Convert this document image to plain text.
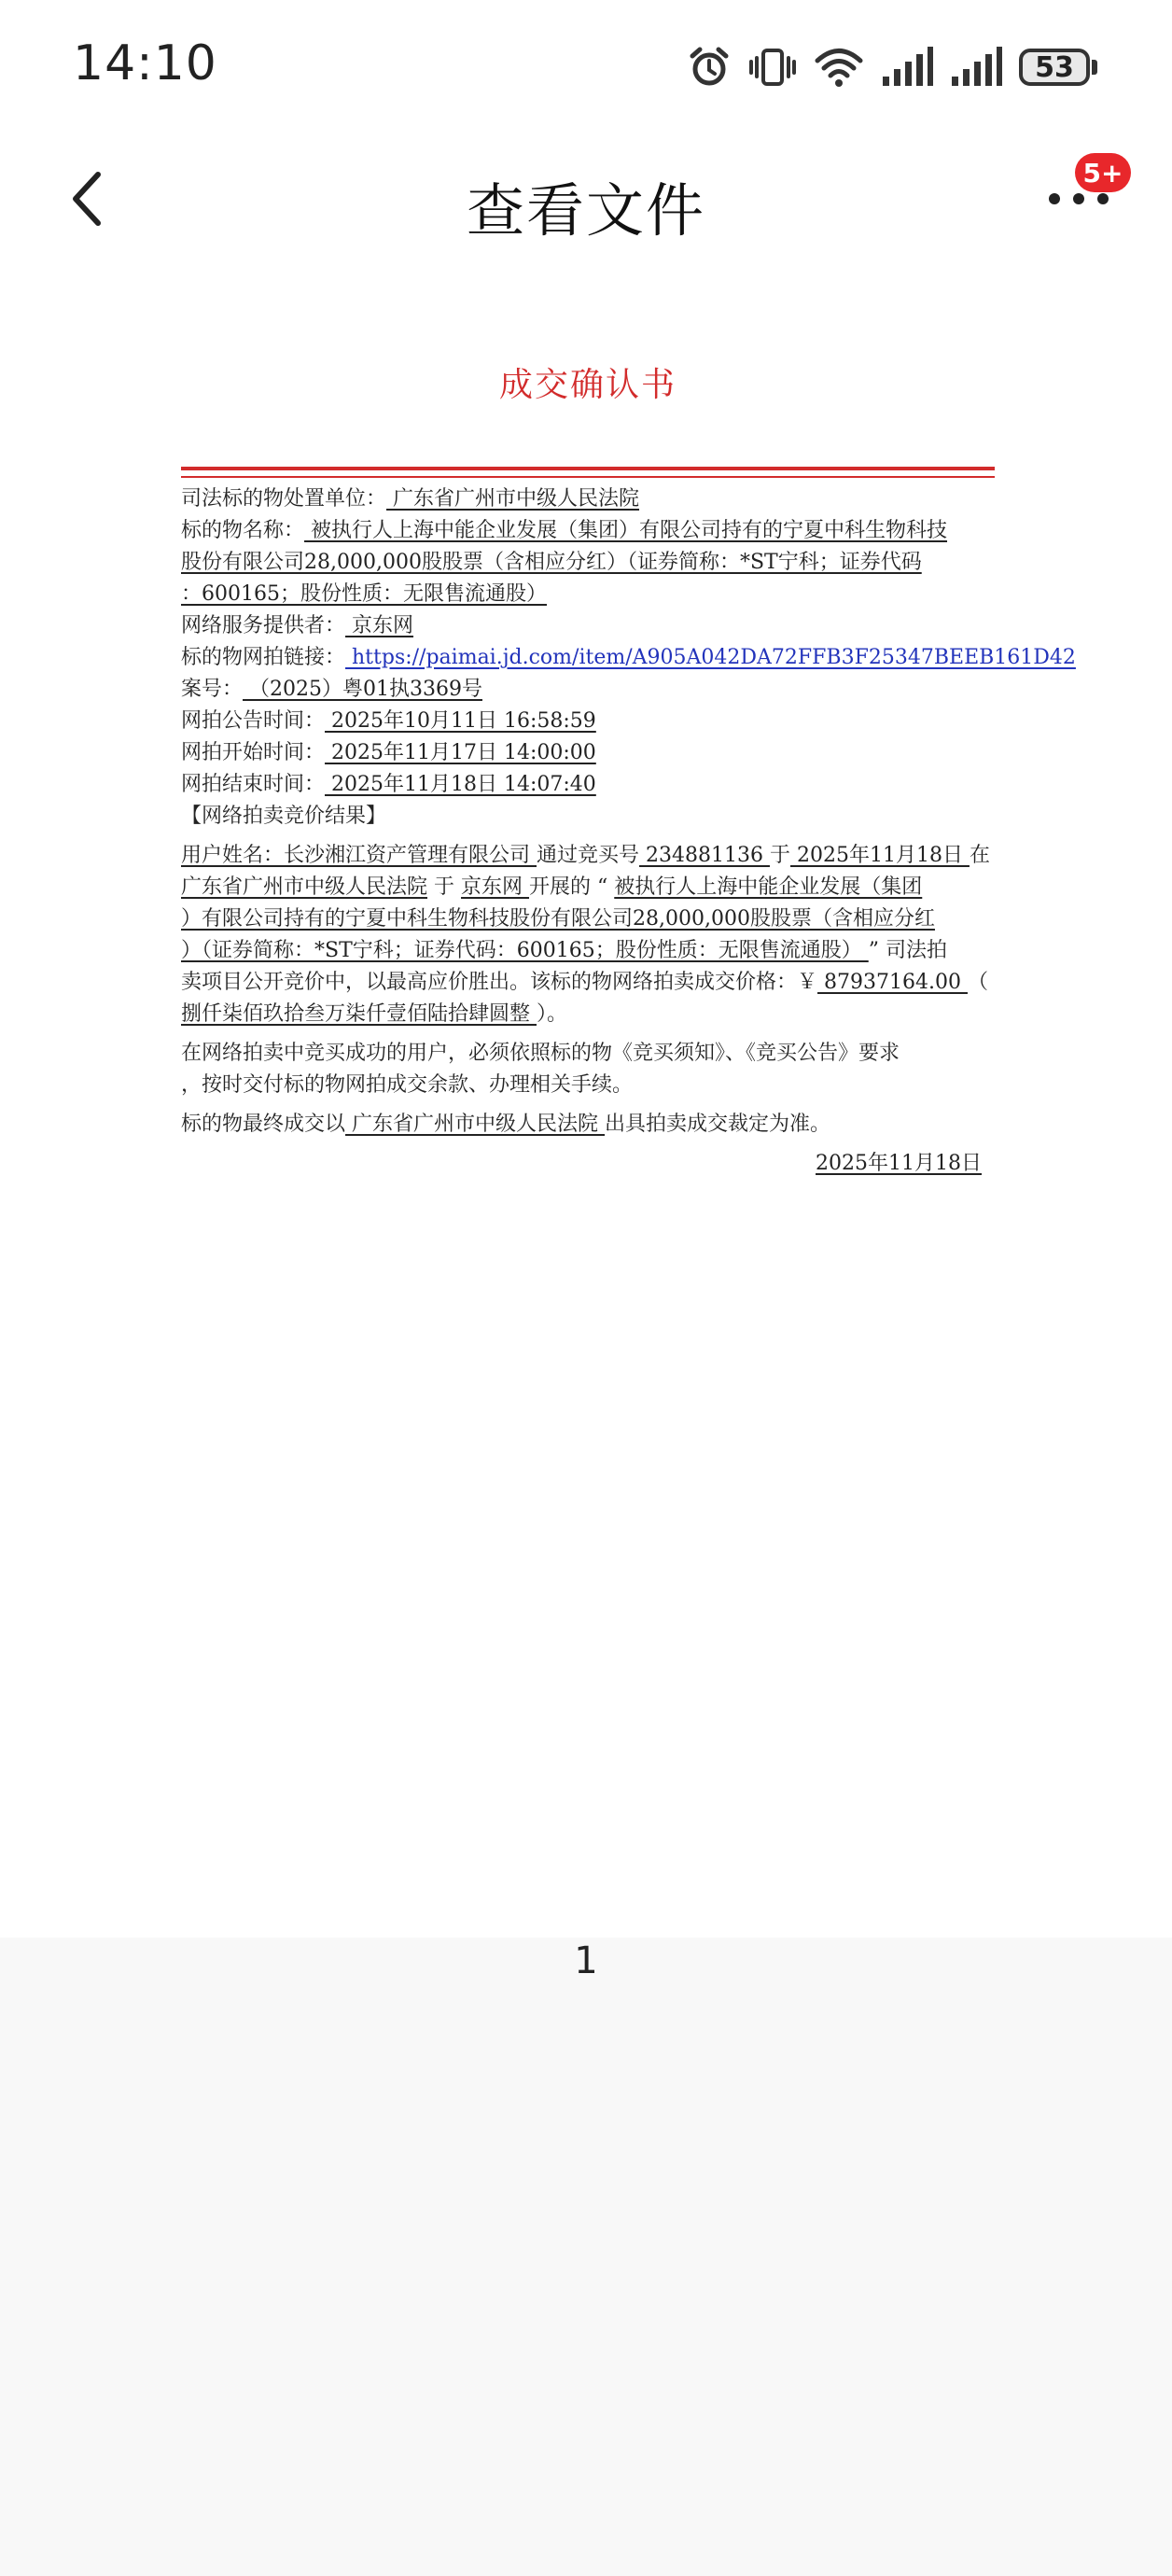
14:10	53
查看文件
5+
成交确认书
司法标的物处置单位： 广东省广州市中级人民法院
标的物名称： 被执行人上海中能企业发展（集团）有限公司持有的宁夏中科生物科技
股份有限公司28,000,000股股票（含相应分红）（证券简称：*ST宁科；证券代码
：600165；股份性质：无限售流通股）
网络服务提供者： 京东网
标的物网拍链接： https://paimai.jd.com/item/A905A042DA72FFB3F25347BEEB161D42
案号： （2025）粤01执3369号
网拍公告时间： 2025年10月11日 16:58:59
网拍开始时间： 2025年11月17日 14:00:00
网拍结束时间： 2025年11月18日 14:07:40
【网络拍卖竞价结果】
用户姓名：长沙湘江资产管理有限公司 通过竞买号 234881136 于 2025年11月18日 在
广东省广州市中级人民法院 于 京东网 开展的 “ 被执行人上海中能企业发展（集团
）有限公司持有的宁夏中科生物科技股份有限公司28,000,000股股票（含相应分红
）（证券简称：*ST宁科；证券代码：600165；股份性质：无限售流通股） ” 司法拍
卖项目公开竞价中，以最高应价胜出。该标的物网络拍卖成交价格：￥ 87937164.00 （
捌仟柒佰玖拾叁万柒仟壹佰陆拾肆圆整 ）。
在网络拍卖中竞买成功的用户，必须依照标的物《竞买须知》、《竞买公告》要求
，按时交付标的物网拍成交余款、办理相关手续。
标的物最终成交以 广东省广州市中级人民法院 出具拍卖成交裁定为准。
2025年11月18日
1
